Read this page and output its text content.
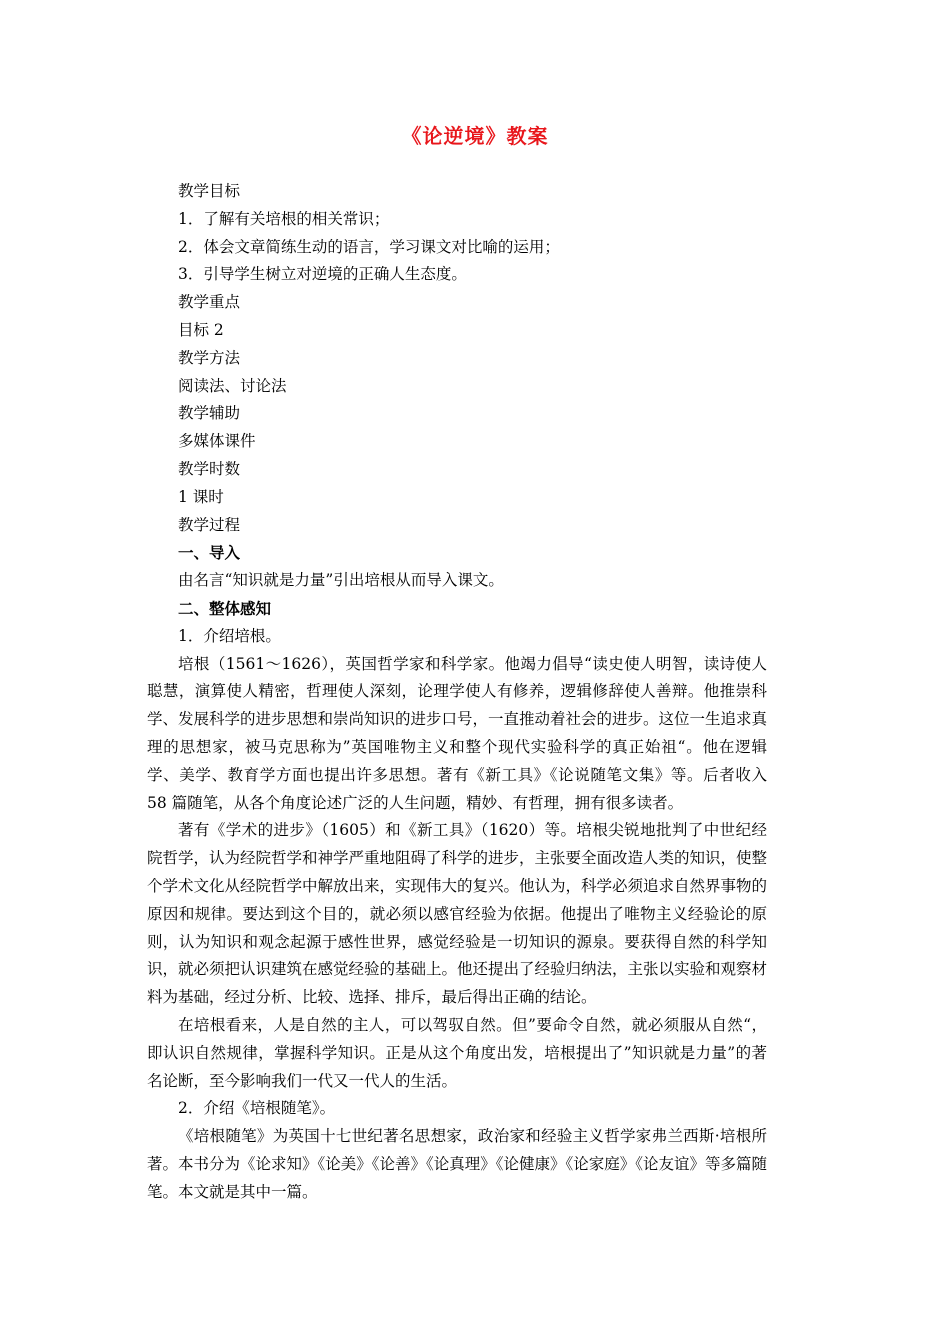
《论逆境》教案

教学目标

1．了解有关培根的相关常识；

2．体会文章简练生动的语言，学习课文对比喻的运用；

3．引导学生树立对逆境的正确人生态度。

教学重点

目标 2

教学方法

阅读法、讨论法

教学辅助

多媒体课件

教学时数

1 课时

教学过程

一、导入

由名言“知识就是力量”引出培根从而导入课文。

二、整体感知

1．介绍培根。

培根（1561～1626），英国哲学家和科学家。他竭力倡导“读史使人明智，读诗使人聪慧，演算使人精密，哲理使人深刻，论理学使人有修养，逻辑修辞使人善辩。他推崇科学、发展科学的进步思想和崇尚知识的进步口号，一直推动着社会的进步。这位一生追求真理的思想家，被马克思称为”英国唯物主义和整个现代实验科学的真正始祖“。他在逻辑学、美学、教育学方面也提出许多思想。著有《新工具》《论说随笔文集》等。后者收入 58 篇随笔，从各个角度论述广泛的人生问题，精妙、有哲理，拥有很多读者。

著有《学术的进步》（1605）和《新工具》（1620）等。培根尖锐地批判了中世纪经院哲学，认为经院哲学和神学严重地阻碍了科学的进步，主张要全面改造人类的知识，使整个学术文化从经院哲学中解放出来，实现伟大的复兴。他认为，科学必须追求自然界事物的原因和规律。要达到这个目的，就必须以感官经验为依据。他提出了唯物主义经验论的原则，认为知识和观念起源于感性世界，感觉经验是一切知识的源泉。要获得自然的科学知识，就必须把认识建筑在感觉经验的基础上。他还提出了经验归纳法，主张以实验和观察材料为基础，经过分析、比较、选择、排斥，最后得出正确的结论。

在培根看来，人是自然的主人，可以驾驭自然。但”要命令自然，就必须服从自然“，即认识自然规律，掌握科学知识。正是从这个角度出发，培根提出了”知识就是力量”的著名论断，至今影响我们一代又一代人的生活。

2．介绍《培根随笔》。

《培根随笔》为英国十七世纪著名思想家，政治家和经验主义哲学家弗兰西斯·培根所著。本书分为《论求知》《论美》《论善》《论真理》《论健康》《论家庭》《论友谊》等多篇随笔。本文就是其中一篇。
